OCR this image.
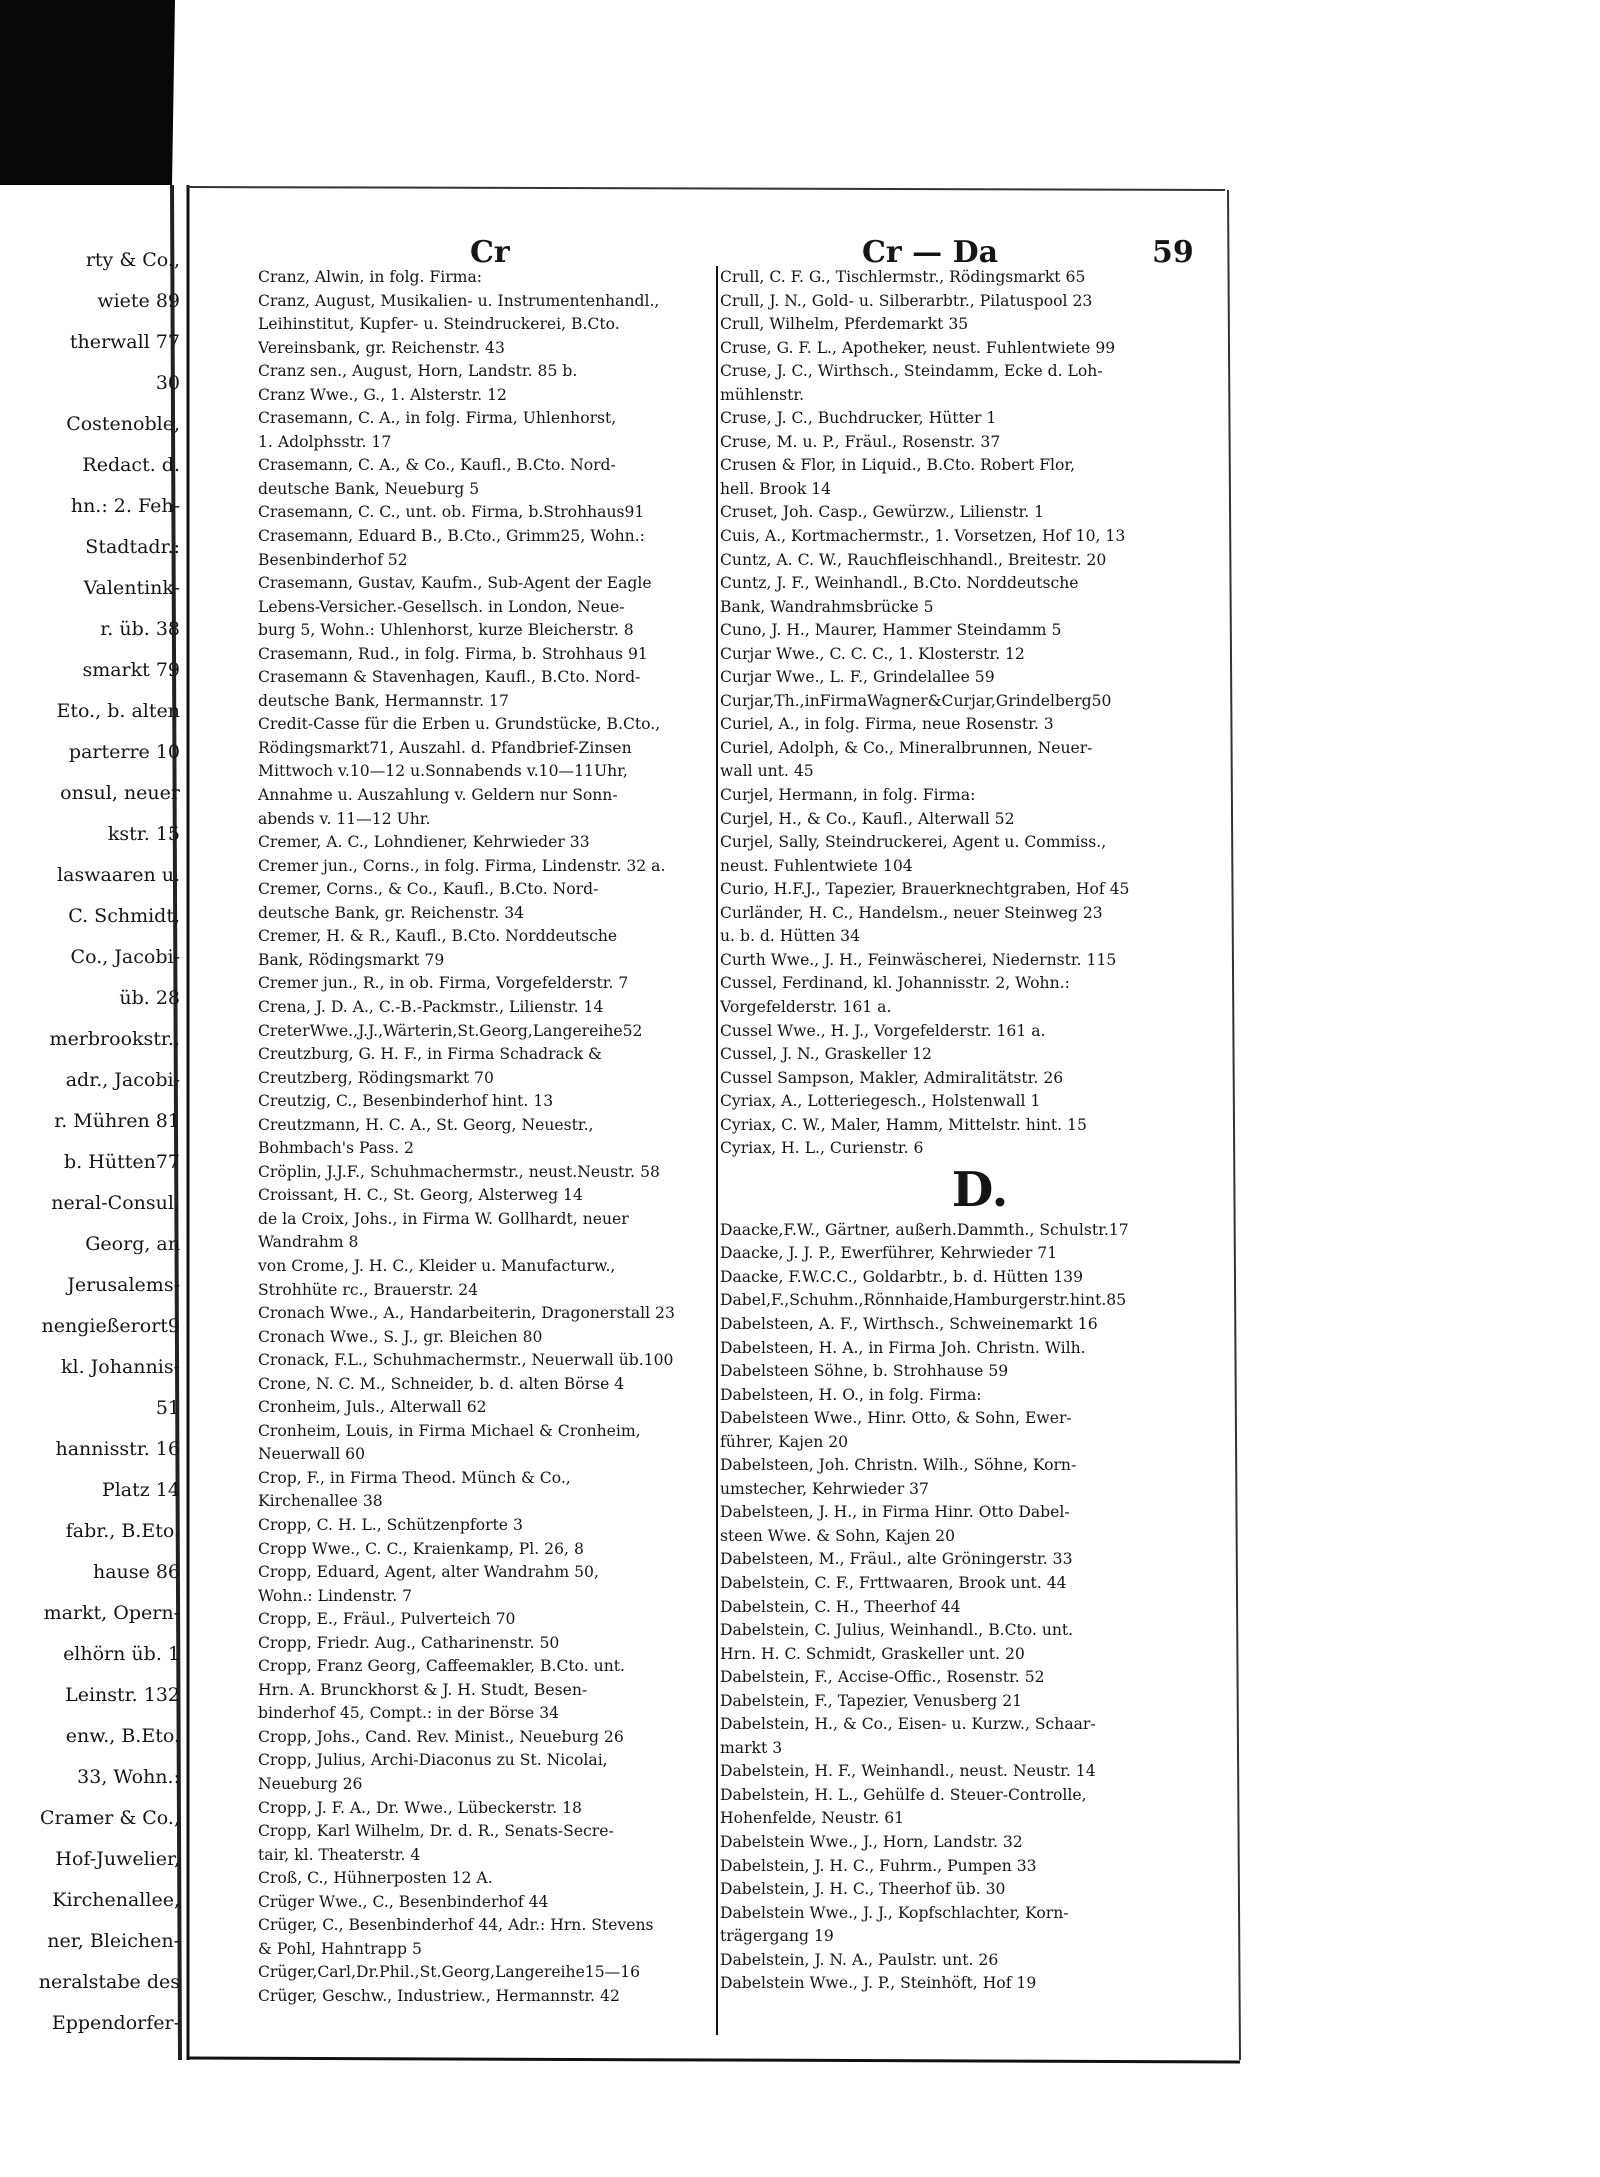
rty & Co.,
wiete 89
therwall 77
30
Costenoble,
Redact. d.
hn.: 2. Feh-
Stadtadr.:
Valentink-
r. üb. 38
smarkt 79
Eto., b. alten
parterre 10
onsul, neuer
kstr. 15
laswaaren u.
C. Schmidt,
Co., Jacobi-
üb. 28
merbrookstr.,
adr., Jacobi-
r. Mühren 81
b. Hütten77
neral-Consul,
Georg, an
Jerusalems-
nengießerort9
kl. Johannis-
51
hannisstr. 16
Platz 14
fabr., B.Eto.
hause 86
markt, Opern-
elhörn üb. 1
Leinstr. 132
enw., B.Eto.
33, Wohn.:
Cramer & Co.,
Hof-Juwelier,
Kirchenallee,
ner, Bleichen-
neralstabe des
Eppendorfer-
Cr	Cr — Da	59
Cranz, Alwin, in folg. Firma:
Cranz, August, Musikalien- u. Instrumentenhandl.,
Leihinstitut, Kupfer- u. Steindruckerei, B.Cto.
Vereinsbank, gr. Reichenstr. 43
Cranz sen., August, Horn, Landstr. 85 b.
Cranz Wwe., G., 1. Alsterstr. 12
Crasemann, C. A., in folg. Firma, Uhlenhorst,
1. Adolphsstr. 17
Crasemann, C. A., & Co., Kaufl., B.Cto. Nord-
deutsche Bank, Neueburg 5
Crasemann, C. C., unt. ob. Firma, b.Strohhaus91
Crasemann, Eduard B., B.Cto., Grimm25, Wohn.:
Besenbinderhof 52
Crasemann, Gustav, Kaufm., Sub-Agent der Eagle
Lebens-Versicher.-Gesellsch. in London, Neue-
burg 5, Wohn.: Uhlenhorst, kurze Bleicherstr. 8
Crasemann, Rud., in folg. Firma, b. Strohhaus 91
Crasemann & Stavenhagen, Kaufl., B.Cto. Nord-
deutsche Bank, Hermannstr. 17
Credit-Casse für die Erben u. Grundstücke, B.Cto.,
Rödingsmarkt71, Auszahl. d. Pfandbrief-Zinsen
Mittwoch v.10—12 u.Sonnabends v.10—11Uhr,
Annahme u. Auszahlung v. Geldern nur Sonn-
abends v. 11—12 Uhr.
Cremer, A. C., Lohndiener, Kehrwieder 33
Cremer jun., Corns., in folg. Firma, Lindenstr. 32 a.
Cremer, Corns., & Co., Kaufl., B.Cto. Nord-
deutsche Bank, gr. Reichenstr. 34
Cremer, H. & R., Kaufl., B.Cto. Norddeutsche
Bank, Rödingsmarkt 79
Cremer jun., R., in ob. Firma, Vorgefelderstr. 7
Crena, J. D. A., C.-B.-Packmstr., Lilienstr. 14
CreterWwe.,J.J.,Wärterin,St.Georg,Langereihe52
Creutzburg, G. H. F., in Firma Schadrack &
Creutzberg, Rödingsmarkt 70
Creutzig, C., Besenbinderhof hint. 13
Creutzmann, H. C. A., St. Georg, Neuestr.,
Bohmbach's Pass. 2
Cröplin, J.J.F., Schuhmachermstr., neust.Neustr. 58
Croissant, H. C., St. Georg, Alsterweg 14
de la Croix, Johs., in Firma W. Gollhardt, neuer
Wandrahm 8
von Crome, J. H. C., Kleider u. Manufacturw.,
Strohhüte rc., Brauerstr. 24
Cronach Wwe., A., Handarbeiterin, Dragonerstall 23
Cronach Wwe., S. J., gr. Bleichen 80
Cronack, F.L., Schuhmachermstr., Neuerwall üb.100
Crone, N. C. M., Schneider, b. d. alten Börse 4
Cronheim, Juls., Alterwall 62
Cronheim, Louis, in Firma Michael & Cronheim,
Neuerwall 60
Crop, F., in Firma Theod. Münch & Co.,
Kirchenallee 38
Cropp, C. H. L., Schützenpforte 3
Cropp Wwe., C. C., Kraienkamp, Pl. 26, 8
Cropp, Eduard, Agent, alter Wandrahm 50,
Wohn.: Lindenstr. 7
Cropp, E., Fräul., Pulverteich 70
Cropp, Friedr. Aug., Catharinenstr. 50
Cropp, Franz Georg, Caffeemakler, B.Cto. unt.
Hrn. A. Brunckhorst & J. H. Studt, Besen-
binderhof 45, Compt.: in der Börse 34
Cropp, Johs., Cand. Rev. Minist., Neueburg 26
Cropp, Julius, Archi-Diaconus zu St. Nicolai,
Neueburg 26
Cropp, J. F. A., Dr. Wwe., Lübeckerstr. 18
Cropp, Karl Wilhelm, Dr. d. R., Senats-Secre-
tair, kl. Theaterstr. 4
Croß, C., Hühnerposten 12 A.
Crüger Wwe., C., Besenbinderhof 44
Crüger, C., Besenbinderhof 44, Adr.: Hrn. Stevens
& Pohl, Hahntrapp 5
Crüger,Carl,Dr.Phil.,St.Georg,Langereihe15—16
Crüger, Geschw., Industriew., Hermannstr. 42
Crull, C. F. G., Tischlermstr., Rödingsmarkt 65
Crull, J. N., Gold- u. Silberarbtr., Pilatuspool 23
Crull, Wilhelm, Pferdemarkt 35
Cruse, G. F. L., Apotheker, neust. Fuhlentwiete 99
Cruse, J. C., Wirthsch., Steindamm, Ecke d. Loh-
mühlenstr.
Cruse, J. C., Buchdrucker, Hütter 1
Cruse, M. u. P., Fräul., Rosenstr. 37
Crusen & Flor, in Liquid., B.Cto. Robert Flor,
hell. Brook 14
Cruset, Joh. Casp., Gewürzw., Lilienstr. 1
Cuis, A., Kortmachermstr., 1. Vorsetzen, Hof 10, 13
Cuntz, A. C. W., Rauchfleischhandl., Breitestr. 20
Cuntz, J. F., Weinhandl., B.Cto. Norddeutsche
Bank, Wandrahmsbrücke 5
Cuno, J. H., Maurer, Hammer Steindamm 5
Curjar Wwe., C. C. C., 1. Klosterstr. 12
Curjar Wwe., L. F., Grindelallee 59
Curjar,Th.,inFirmaWagner&Curjar,Grindelberg50
Curiel, A., in folg. Firma, neue Rosenstr. 3
Curiel, Adolph, & Co., Mineralbrunnen, Neuer-
wall unt. 45
Curjel, Hermann, in folg. Firma:
Curjel, H., & Co., Kaufl., Alterwall 52
Curjel, Sally, Steindruckerei, Agent u. Commiss.,
neust. Fuhlentwiete 104
Curio, H.F.J., Tapezier, Brauerknechtgraben, Hof 45
Curländer, H. C., Handelsm., neuer Steinweg 23
u. b. d. Hütten 34
Curth Wwe., J. H., Feinwäscherei, Niedernstr. 115
Cussel, Ferdinand, kl. Johannisstr. 2, Wohn.:
Vorgefelderstr. 161 a.
Cussel Wwe., H. J., Vorgefelderstr. 161 a.
Cussel, J. N., Graskeller 12
Cussel Sampson, Makler, Admiralitätstr. 26
Cyriax, A., Lotteriegesch., Holstenwall 1
Cyriax, C. W., Maler, Hamm, Mittelstr. hint. 15
Cyriax, H. L., Curienstr. 6
D.
Daacke,F.W., Gärtner, außerh.Dammth., Schulstr.17
Daacke, J. J. P., Ewerführer, Kehrwieder 71
Daacke, F.W.C.C., Goldarbtr., b. d. Hütten 139
Dabel,F.,Schuhm.,Rönnhaide,Hamburgerstr.hint.85
Dabelsteen, A. F., Wirthsch., Schweinemarkt 16
Dabelsteen, H. A., in Firma Joh. Christn. Wilh.
Dabelsteen Söhne, b. Strohhause 59
Dabelsteen, H. O., in folg. Firma:
Dabelsteen Wwe., Hinr. Otto, & Sohn, Ewer-
führer, Kajen 20
Dabelsteen, Joh. Christn. Wilh., Söhne, Korn-
umstecher, Kehrwieder 37
Dabelsteen, J. H., in Firma Hinr. Otto Dabel-
steen Wwe. & Sohn, Kajen 20
Dabelsteen, M., Fräul., alte Gröningerstr. 33
Dabelstein, C. F., Frttwaaren, Brook unt. 44
Dabelstein, C. H., Theerhof 44
Dabelstein, C. Julius, Weinhandl., B.Cto. unt.
Hrn. H. C. Schmidt, Graskeller unt. 20
Dabelstein, F., Accise-Offic., Rosenstr. 52
Dabelstein, F., Tapezier, Venusberg 21
Dabelstein, H., & Co., Eisen- u. Kurzw., Schaar-
markt 3
Dabelstein, H. F., Weinhandl., neust. Neustr. 14
Dabelstein, H. L., Gehülfe d. Steuer-Controlle,
Hohenfelde, Neustr. 61
Dabelstein Wwe., J., Horn, Landstr. 32
Dabelstein, J. H. C., Fuhrm., Pumpen 33
Dabelstein, J. H. C., Theerhof üb. 30
Dabelstein Wwe., J. J., Kopfschlachter, Korn-
trägergang 19
Dabelstein, J. N. A., Paulstr. unt. 26
Dabelstein Wwe., J. P., Steinhöft, Hof 19
